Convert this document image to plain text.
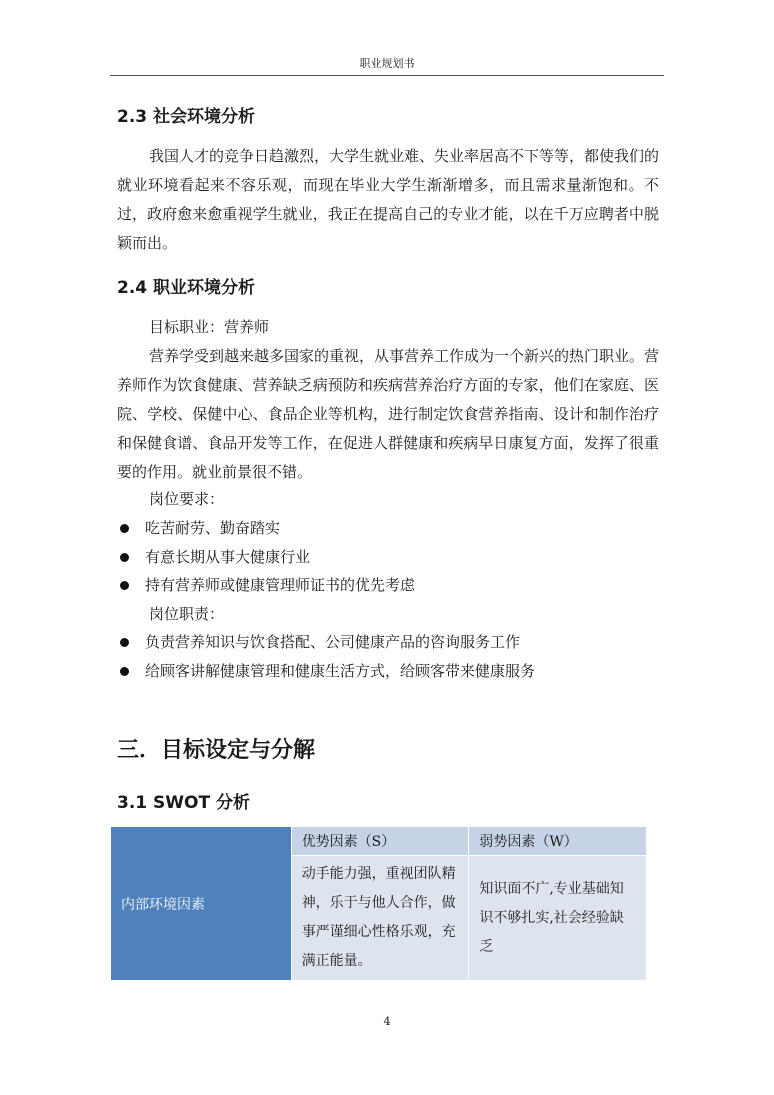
职业规划书
2.3 社会环境分析

我国人才的竞争日趋激烈，大学生就业难、失业率居高不下等等，都使我们的就业环境看起来不容乐观，而现在毕业大学生渐渐增多，而且需求量渐饱和。不过，政府愈来愈重视学生就业，我正在提高自己的专业才能，以在千万应聘者中脱颖而出。

2.4 职业环境分析
目标职业：营养师

营养学受到越来越多国家的重视，从事营养工作成为一个新兴的热门职业。营养师作为饮食健康、营养缺乏病预防和疾病营养治疗方面的专家，他们在家庭、医院、学校、保健中心、食品企业等机构，进行制定饮食营养指南、设计和制作治疗和保健食谱、食品开发等工作，在促进人群健康和疾病早日康复方面，发挥了很重要的作用。就业前景很不错。

岗位要求：
吃苦耐劳、勤奋踏实
有意长期从事大健康行业
持有营养师或健康管理师证书的优先考虑
岗位职责：
负责营养知识与饮食搭配、公司健康产品的咨询服务工作
给顾客讲解健康管理和健康生活方式，给顾客带来健康服务
三．目标设定与分解
3.1 SWOT 分析
内部环境因素	优势因素（S）	弱势因素（W）
	动手能力强，重视团队精神，乐于与他人合作，做事严谨细心性格乐观，充满正能量。	知识面不广,专业基础知识不够扎实,社会经验缺乏
4
